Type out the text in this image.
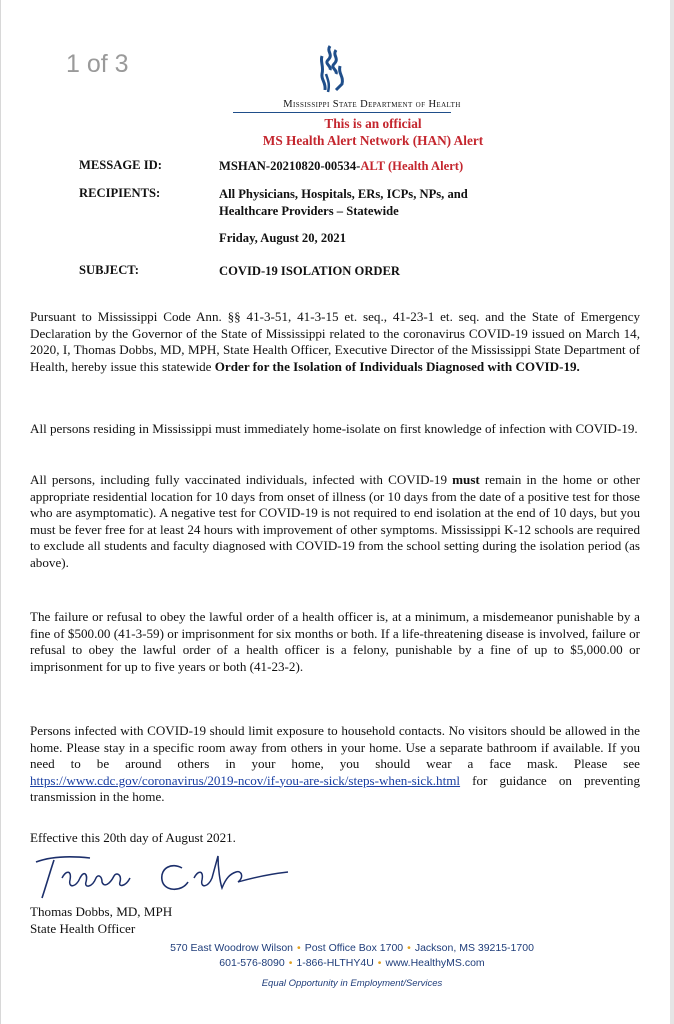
1 of 3
Mississippi State Department of Health
This is an official
MS Health Alert Network (HAN) Alert
MESSAGE ID:	MSHAN-20210820-00534-ALT (Health Alert)
RECIPIENTS:	All Physicians, Hospitals, ERs, ICPs, NPs, and
Healthcare Providers – Statewide
Friday, August 20, 2021
SUBJECT:	COVID-19 ISOLATION ORDER
Pursuant to Mississippi Code Ann. §§ 41-3-51, 41-3-15 et. seq., 41-23-1 et. seq. and the State of Emergency Declaration by the Governor of the State of Mississippi related to the coronavirus COVID-19 issued on March 14, 2020, I, Thomas Dobbs, MD, MPH, State Health Officer, Executive Director of the Mississippi State Department of Health, hereby issue this statewide Order for the Isolation of Individuals Diagnosed with COVID-19.
All persons residing in Mississippi must immediately home-isolate on first knowledge of infection with COVID-19.
All persons, including fully vaccinated individuals, infected with COVID-19 must remain in the home or other appropriate residential location for 10 days from onset of illness (or 10 days from the date of a positive test for those who are asymptomatic). A negative test for COVID-19 is not required to end isolation at the end of 10 days, but you must be fever free for at least 24 hours with improvement of other symptoms. Mississippi K-12 schools are required to exclude all students and faculty diagnosed with COVID-19 from the school setting during the isolation period (as above).
The failure or refusal to obey the lawful order of a health officer is, at a minimum, a misdemeanor punishable by a fine of $500.00 (41-3-59) or imprisonment for six months or both. If a life-threatening disease is involved, failure or refusal to obey the lawful order of a health officer is a felony, punishable by a fine of up to $5,000.00 or imprisonment for up to five years or both (41-23-2).
Persons infected with COVID-19 should limit exposure to household contacts. No visitors should be allowed in the home. Please stay in a specific room away from others in your home. Use a separate bathroom if available. If you need to be around others in your home, you should wear a face mask. Please see https://www.cdc.gov/coronavirus/2019-ncov/if-you-are-sick/steps-when-sick.html for guidance on preventing transmission in the home.
Effective this 20th day of August 2021.
Thomas Dobbs, MD, MPH
State Health Officer
570 East Woodrow Wilson • Post Office Box 1700 • Jackson, MS 39215-1700
601-576-8090 • 1-866-HLTHY4U • www.HealthyMS.com
Equal Opportunity in Employment/Services
